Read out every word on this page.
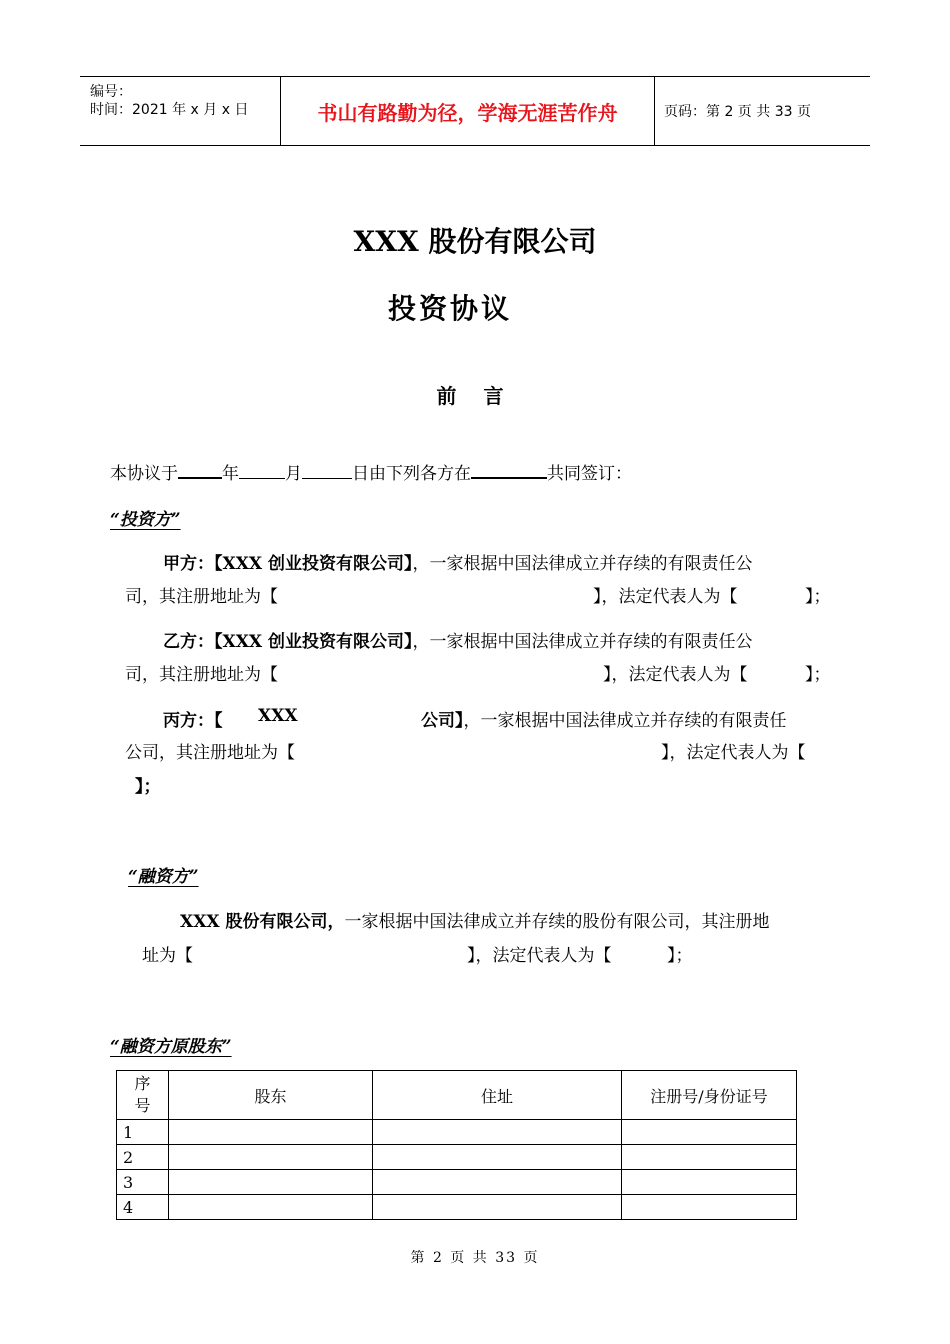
编号：
时间：2021 年 x 月 x 日	书山有路勤为径，学海无涯苦作舟	页码：第 2 页 共 33 页
XXX 股份有限公司
投资协议
前 言
本协议于	年	月	日由下列各方在	共同签订：
“投资方”
甲方：【XXX 创业投资有限公司】，一家根据中国法律成立并存续的有限责任公
司，其注册地址为【	】，法定代表人为【	】；
乙方：【XXX 创业投资有限公司】，一家根据中国法律成立并存续的有限责任公
司，其注册地址为【	】，法定代表人为【	】；
丙方：【 XXX	公司】，一家根据中国法律成立并存续的有限责任
公司，其注册地址为【	】，法定代表人为【
】；
“融资方”
XXX 股份有限公司，一家根据中国法律成立并存续的股份有限公司，其注册地
址为【	】，法定代表人为【	】；
“融资方原股东”
序
号	股东	住址	注册号/身份证号
1			
2			
3			
4			
第 2 页 共 33 页
